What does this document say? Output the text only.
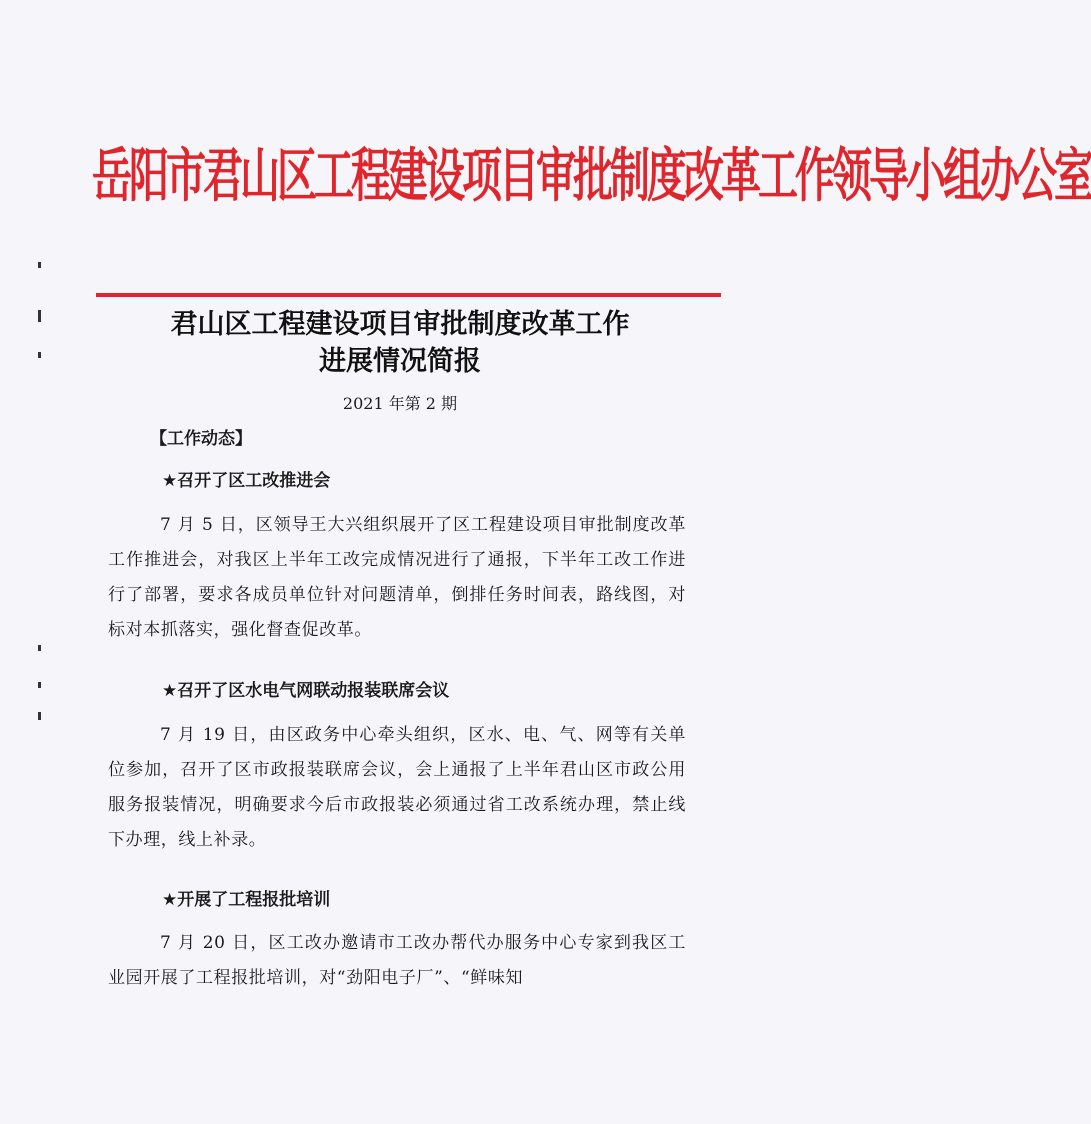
岳阳市君山区工程建设项目审批制度改革工作领导小组办公室
君山区工程建设项目审批制度改革工作
进展情况简报
2021 年第 2 期
【工作动态】
★召开了区工改推进会
7 月 5 日，区领导王大兴组织展开了区工程建设项目审批制度改革工作推进会，对我区上半年工改完成情况进行了通报，下半年工改工作进行了部署，要求各成员单位针对问题清单，倒排任务时间表，路线图，对标对本抓落实，强化督查促改革。
★召开了区水电气网联动报装联席会议
7 月 19 日，由区政务中心牵头组织，区水、电、气、网等有关单位参加，召开了区市政报装联席会议，会上通报了上半年君山区市政公用服务报装情况，明确要求今后市政报装必须通过省工改系统办理，禁止线下办理，线上补录。
★开展了工程报批培训
7 月 20 日，区工改办邀请市工改办帮代办服务中心专家到我区工业园开展了工程报批培训，对“劲阳电子厂”、“鲜味知
